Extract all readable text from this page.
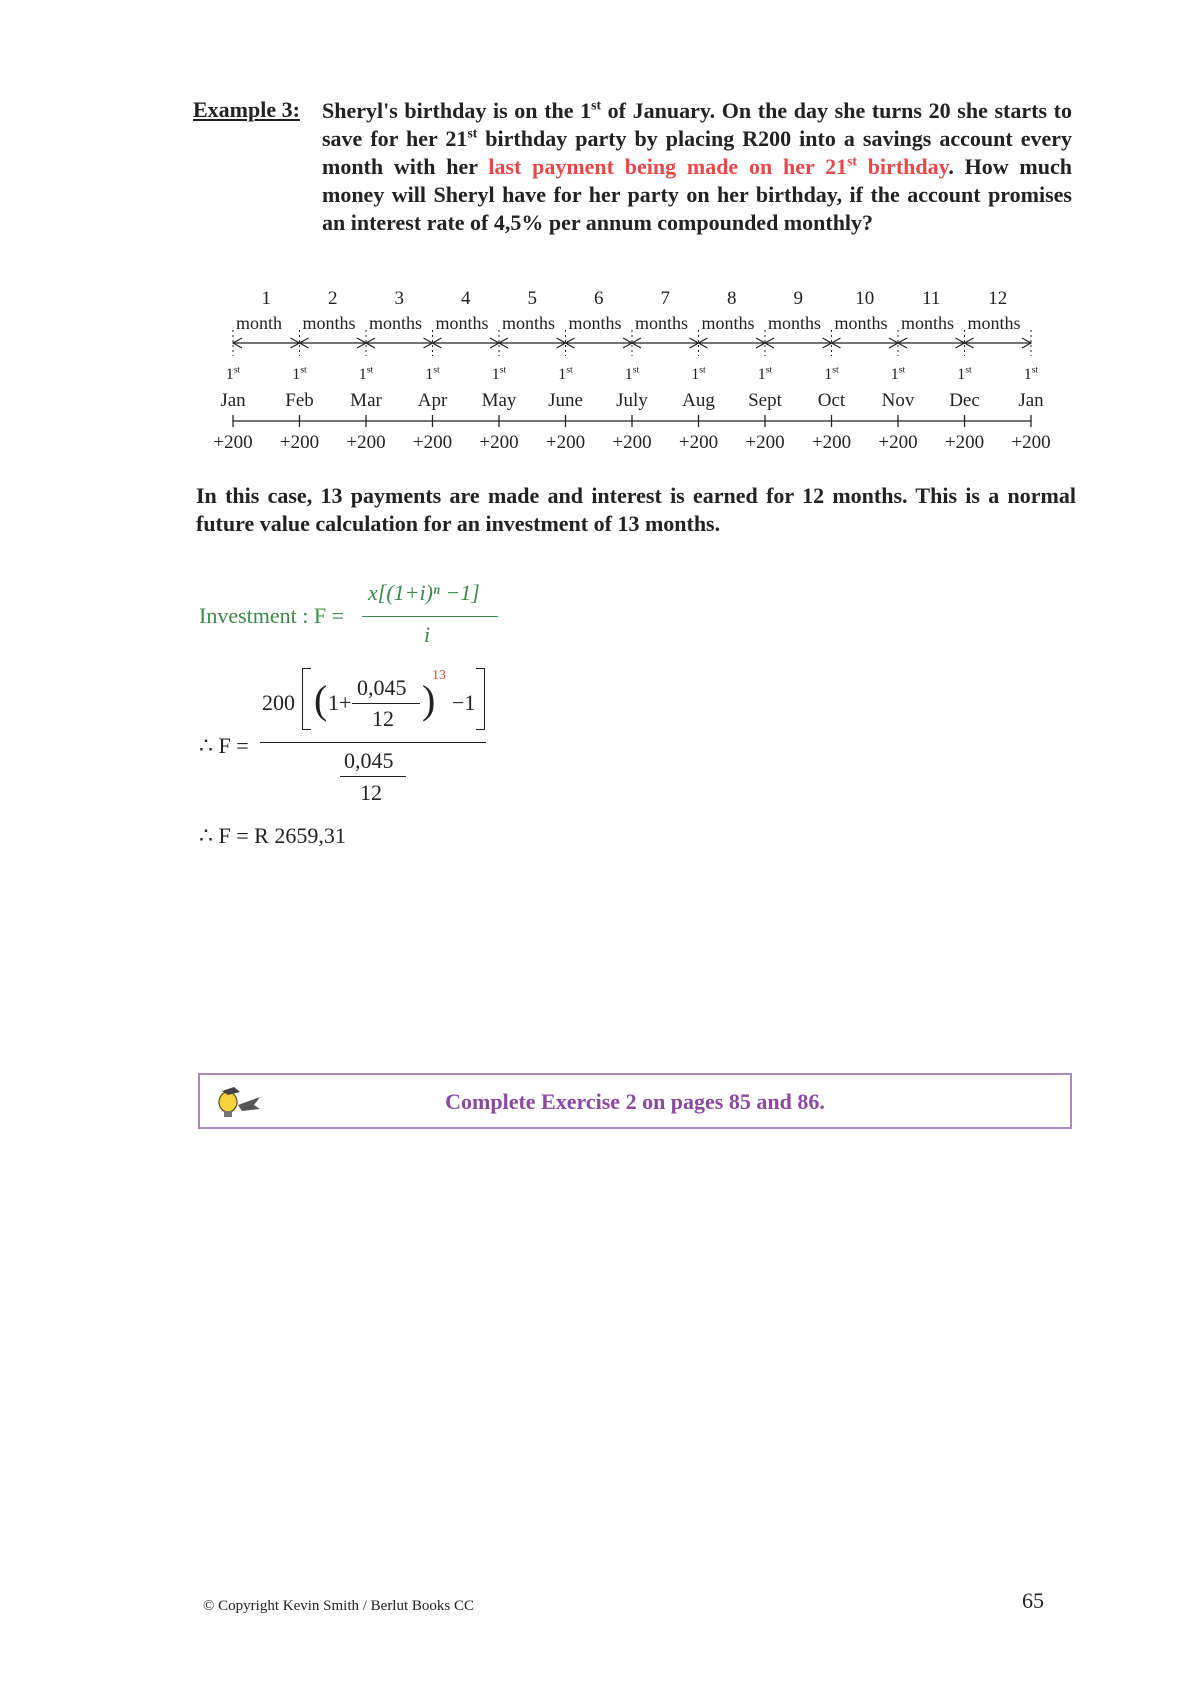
Example 3: Sheryl's birthday is on the 1st of January. On the day she turns 20 she starts to save for her 21st birthday party by placing R200 into a savings account every month with her last payment being made on her 21st birthday. How much money will Sheryl have for her party on her birthday, if the account promises an interest rate of 4,5% per annum compounded monthly?
1
month
2
months
3
months
4
months
5
months
6
months
7
months
8
months
9
months
10
months
11
months
12
months
1st
Jan
+200
1st
Feb
+200
1st
Mar
+200
1st
Apr
+200
1st
May
+200
1st
June
+200
1st
July
+200
1st
Aug
+200
1st
Sept
+200
1st
Oct
+200
1st
Nov
+200
1st
Dec
+200
1st
Jan
+200
In this case, 13 payments are made and interest is earned for 12 months. This is a normal future value calculation for an investment of 13 months.
Investment : F =
x[(1+i)ⁿ −1]
i
∴ F =
200 ( 1+
0,045
12 )
13
−1
0,045
12
∴ F = R 2659,31
Complete Exercise 2 on pages 85 and 86.
© Copyright Kevin Smith / Berlut Books CC	65
